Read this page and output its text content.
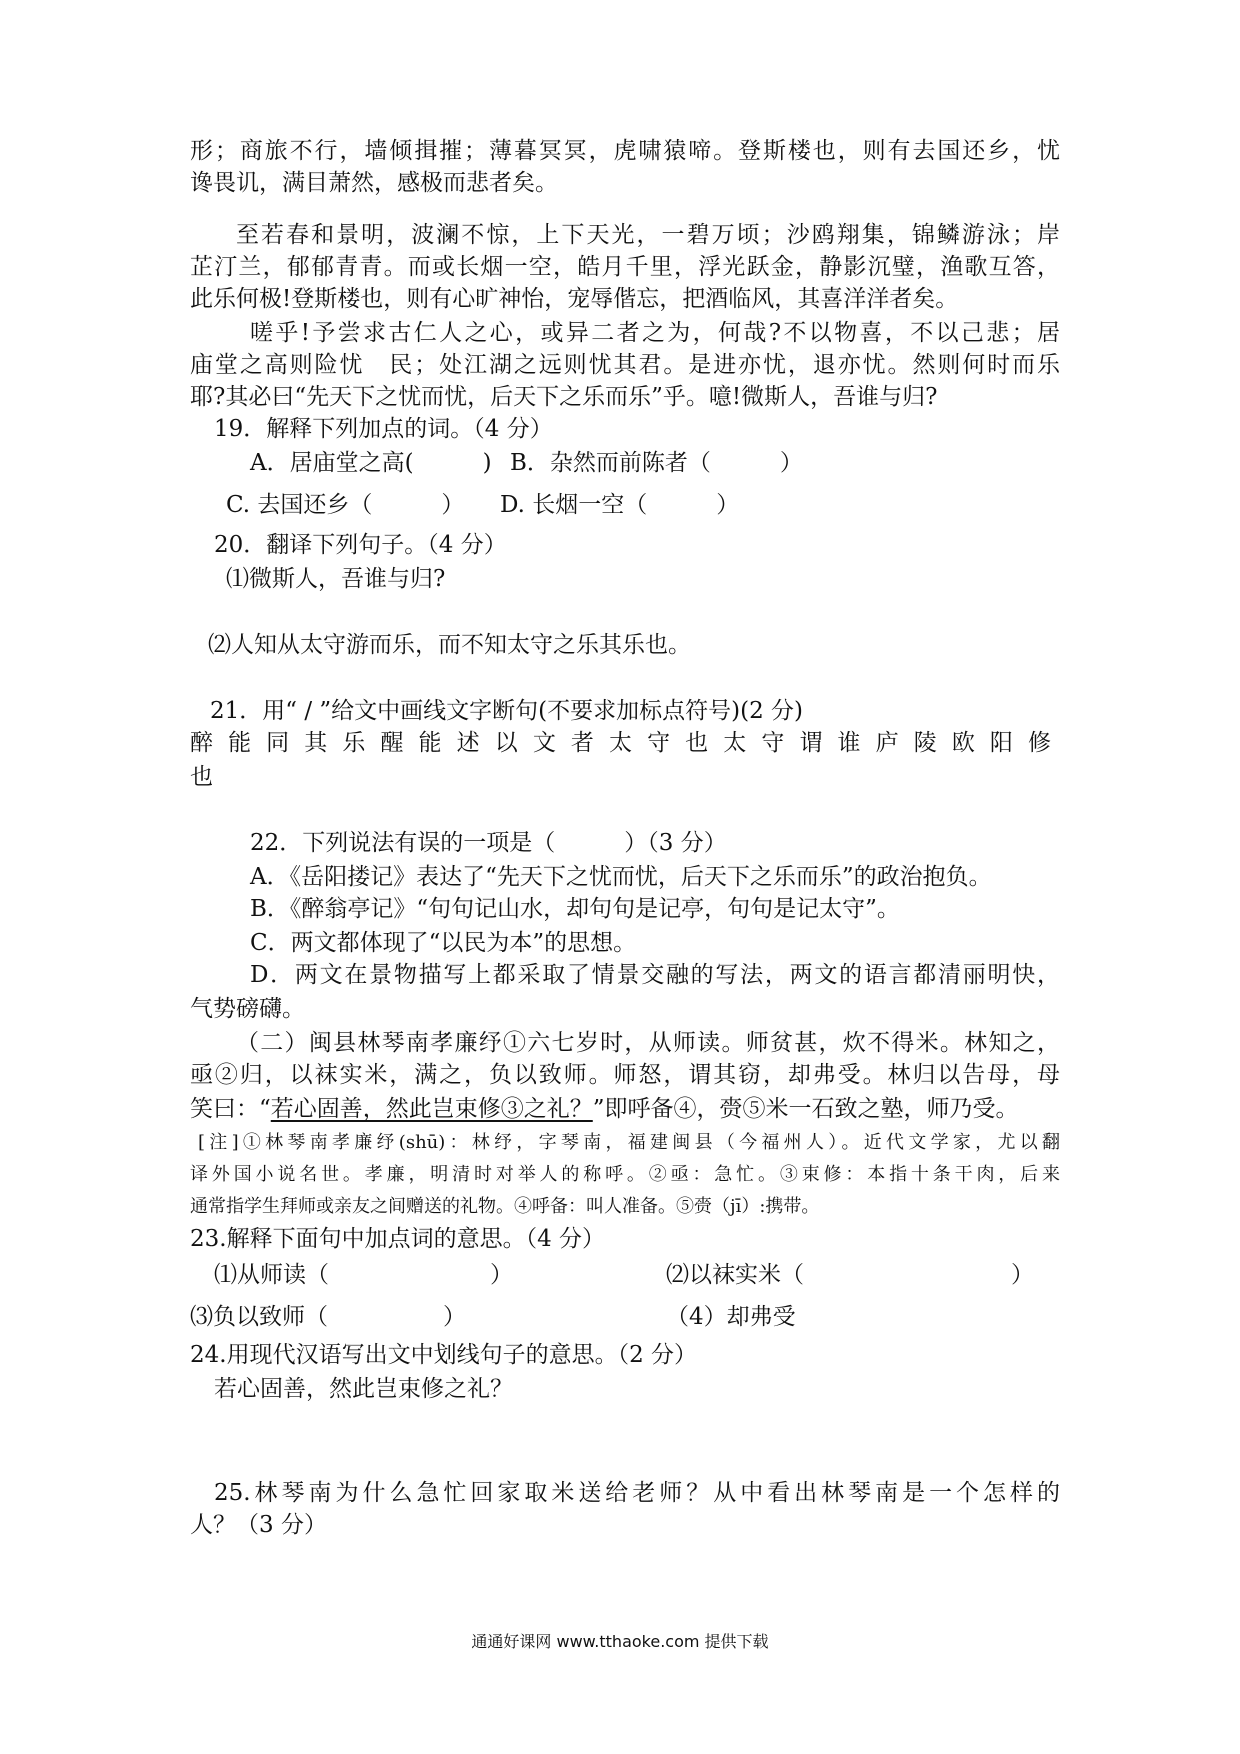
形；商旅不行，墙倾揖摧；薄暮冥冥，虎啸猿啼。登斯楼也，则有去国还乡，忧
谗畏讥，满目萧然，感极而悲者矣。
至若春和景明，波澜不惊，上下天光，一碧万顷；沙鸥翔集，锦鳞游泳；岸
芷汀兰，郁郁青青。而或长烟一空，皓月千里，浮光跃金，静影沉璧，渔歌互答，
此乐何极!登斯楼也，则有心旷神怡，宠辱偕忘，把酒临风，其喜洋洋者矣。
嗟乎!予尝求古仁人之心，或异二者之为，何哉?不以物喜，不以己悲；居
庙堂之高则险忧　民；处江湖之远则忧其君。是进亦忧，退亦忧。然则何时而乐
耶?其必曰“先天下之忧而忧，后天下之乐而乐”乎。噫!微斯人，吾谁与归?
19．解释下列加点的词。（4 分）
A．居庙堂之高(　　　) B．杂然而前陈者（　　　）
C. 去国还乡（　　　） D. 长烟一空（　　　）
20．翻译下列句子。（4 分）
⑴微斯人，吾谁与归?
⑵人知从太守游而乐，而不知太守之乐其乐也。
21．用“ / ”给文中画线文字断句(不要求加标点符号)(2 分)
醉能同其乐醒能述以文者太守也太守谓谁庐陵欧阳修
也
22．下列说法有误的一项是（　　　）（3 分）
A．《岳阳搂记》表达了“先天下之忧而忧，后天下之乐而乐”的政治抱负。
B．《醉翁亭记》“句句记山水，却句句是记亭，句句是记太守”。
C．两文都体现了“以民为本”的思想。
D．两文在景物描写上都采取了情景交融的写法，两文的语言都清丽明快，
气势磅礴。
（二）闽县林琴南孝廉纾①六七岁时，从师读。师贫甚，炊不得米。林知之，
亟②归，以袜实米，满之，负以致师。师怒，谓其窃，却弗受。林归以告母，母
笑曰：“若心固善，然此岂束修③之礼？”即呼备④，赍⑤米一石致之塾，师乃受。
[注]①林琴南孝廉纾(shū)：林纾，字琴南，福建闽县（今福州人）。近代文学家，尤以翻
译外国小说名世。孝廉，明清时对举人的称呼。②亟：急忙。③束修：本指十条干肉，后来
通常指学生拜师或亲友之间赠送的礼物。④呼备：叫人准备。⑤赍（jī）:携带。
23.解释下面句中加点词的意思。（4 分）
⑴从师读（　　　　　　　）	⑵以袜实米（　　　　　　　　　）
⑶负以致师（　　　　　）	（4）却弗受
24.用现代汉语写出文中划线句子的意思。（2 分）
若心固善，然此岂束修之礼？
25.林琴南为什么急忙回家取米送给老师？从中看出林琴南是一个怎样的
人？（3 分）
通通好课网 www.tthaoke.com 提供下载
